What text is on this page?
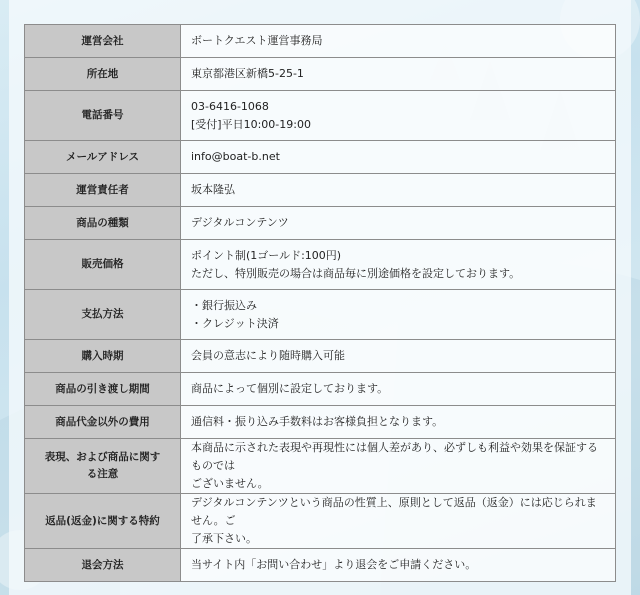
運営会社	ボートクエスト運営事務局

所在地	東京都港区新橋5-25-1

電話番号	03-6416-1068
[受付]平日10:00-19:00

メールアドレス	info@boat-b.net

運営責任者	坂本隆弘

商品の種類	デジタルコンテンツ

販売価格	ポイント制(1ゴールド:100円)
ただし、特別販売の場合は商品毎に別途価格を設定しております。

支払方法	・銀行振込み
・クレジット決済

購入時期	会員の意志により随時購入可能

商品の引き渡し期間	商品によって個別に設定しております。

商品代金以外の費用	通信料・振り込み手数料はお客様負担となります。

表現、および商品に関す
る注意	本商品に示された表現や再現性には個人差があり、必ずしも利益や効果を保証するものでは
ございません。

返品(返金)に関する特約	デジタルコンテンツという商品の性質上、原則として返品（返金）には応じられません。ご
了承下さい。

退会方法	当サイト内「お問い合わせ」より退会をご申請ください。
